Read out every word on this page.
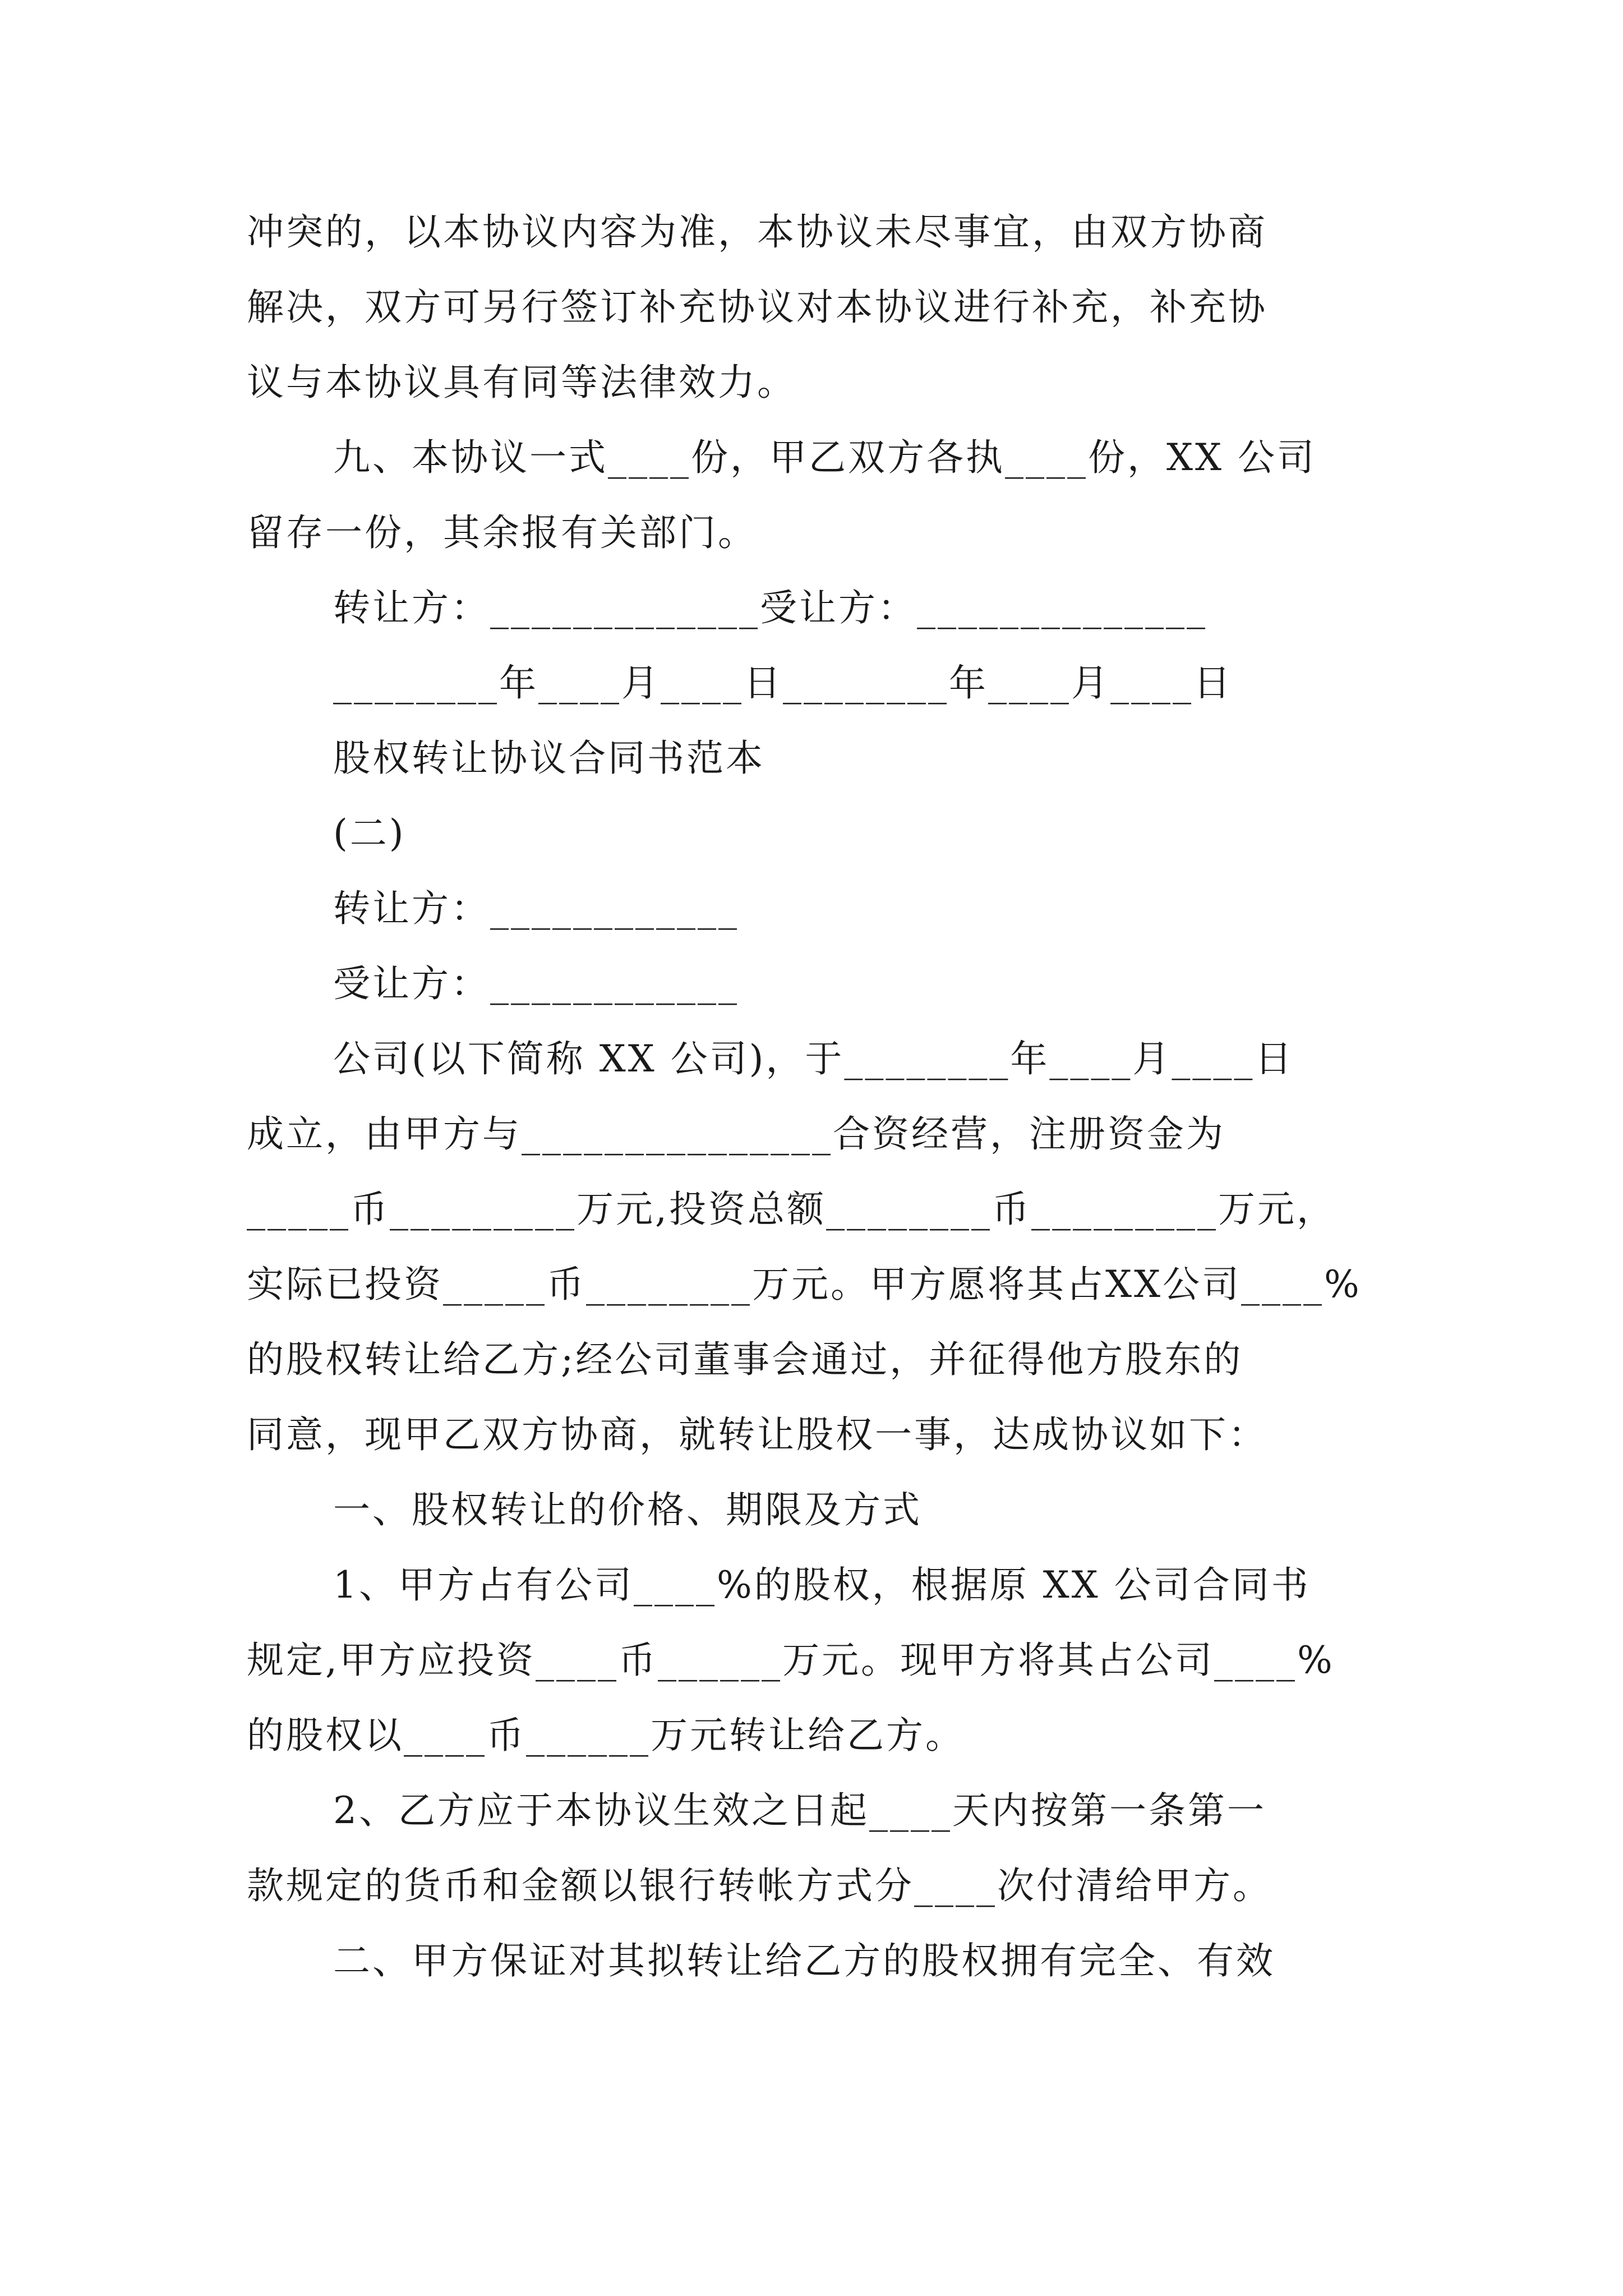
冲突的，以本协议内容为准，本协议未尽事宜，由双方协商
解决，双方可另行签订补充协议对本协议进行补充，补充协
议与本协议具有同等法律效力。
九、本协议一式____份，甲乙双方各执____份，XX 公司
留存一份，其余报有关部门。
转让方：_____________受让方：______________
________年____月____日________年____月____日
股权转让协议合同书范本
(二)
转让方：____________
受让方：____________
公司(以下简称 XX 公司)，于________年____月____日
成立，由甲方与_______________合资经营，注册资金为
_____币_________万元,投资总额________币_________万元，
实际已投资_____币________万元。甲方愿将其占XX公司____%
的股权转让给乙方;经公司董事会通过，并征得他方股东的
同意，现甲乙双方协商，就转让股权一事，达成协议如下：
一、股权转让的价格、期限及方式
1、甲方占有公司____%的股权，根据原 XX 公司合同书
规定,甲方应投资____币______万元。现甲方将其占公司____%
的股权以____币______万元转让给乙方。
2、乙方应于本协议生效之日起____天内按第一条第一
款规定的货币和金额以银行转帐方式分____次付清给甲方。
二、甲方保证对其拟转让给乙方的股权拥有完全、有效
